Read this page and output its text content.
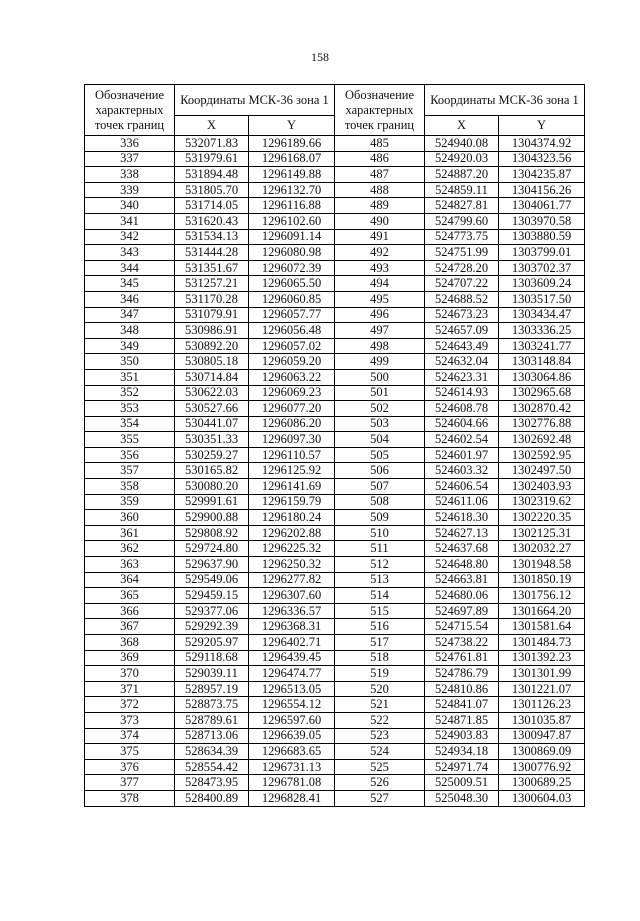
158
Обозначение характерных точек границ	Координаты МСК-36 зона 1		Обозначение характерных точек границ	Координаты МСК-36 зона 1	
	X	Y		X	Y
336	532071.83	1296189.66	485	524940.08	1304374.92
337	531979.61	1296168.07	486	524920.03	1304323.56
338	531894.48	1296149.88	487	524887.20	1304235.87
339	531805.70	1296132.70	488	524859.11	1304156.26
340	531714.05	1296116.88	489	524827.81	1304061.77
341	531620.43	1296102.60	490	524799.60	1303970.58
342	531534.13	1296091.14	491	524773.75	1303880.59
343	531444.28	1296080.98	492	524751.99	1303799.01
344	531351.67	1296072.39	493	524728.20	1303702.37
345	531257.21	1296065.50	494	524707.22	1303609.24
346	531170.28	1296060.85	495	524688.52	1303517.50
347	531079.91	1296057.77	496	524673.23	1303434.47
348	530986.91	1296056.48	497	524657.09	1303336.25
349	530892.20	1296057.02	498	524643.49	1303241.77
350	530805.18	1296059.20	499	524632.04	1303148.84
351	530714.84	1296063.22	500	524623.31	1303064.86
352	530622.03	1296069.23	501	524614.93	1302965.68
353	530527.66	1296077.20	502	524608.78	1302870.42
354	530441.07	1296086.20	503	524604.66	1302776.88
355	530351.33	1296097.30	504	524602.54	1302692.48
356	530259.27	1296110.57	505	524601.97	1302592.95
357	530165.82	1296125.92	506	524603.32	1302497.50
358	530080.20	1296141.69	507	524606.54	1302403.93
359	529991.61	1296159.79	508	524611.06	1302319.62
360	529900.88	1296180.24	509	524618.30	1302220.35
361	529808.92	1296202.88	510	524627.13	1302125.31
362	529724.80	1296225.32	511	524637.68	1302032.27
363	529637.90	1296250.32	512	524648.80	1301948.58
364	529549.06	1296277.82	513	524663.81	1301850.19
365	529459.15	1296307.60	514	524680.06	1301756.12
366	529377.06	1296336.57	515	524697.89	1301664.20
367	529292.39	1296368.31	516	524715.54	1301581.64
368	529205.97	1296402.71	517	524738.22	1301484.73
369	529118.68	1296439.45	518	524761.81	1301392.23
370	529039.11	1296474.77	519	524786.79	1301301.99
371	528957.19	1296513.05	520	524810.86	1301221.07
372	528873.75	1296554.12	521	524841.07	1301126.23
373	528789.61	1296597.60	522	524871.85	1301035.87
374	528713.06	1296639.05	523	524903.83	1300947.87
375	528634.39	1296683.65	524	524934.18	1300869.09
376	528554.42	1296731.13	525	524971.74	1300776.92
377	528473.95	1296781.08	526	525009.51	1300689.25
378	528400.89	1296828.41	527	525048.30	1300604.03
